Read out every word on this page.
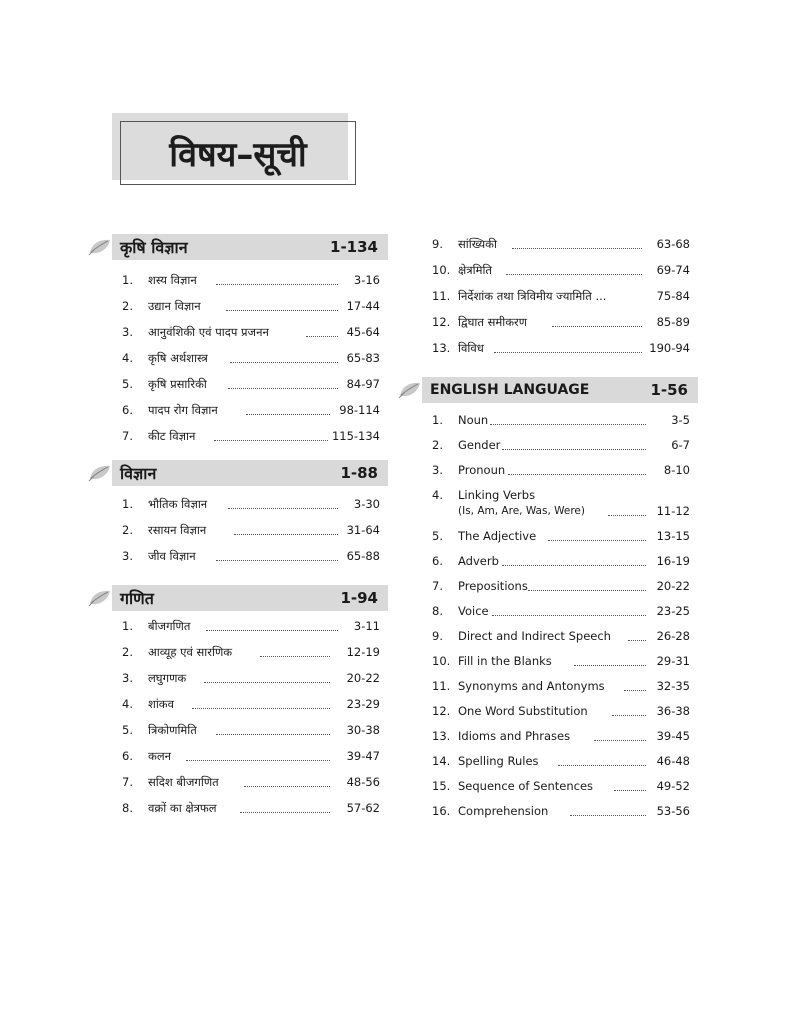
विषय–सूची
कृषि विज्ञान	1-134
1.	शस्य विज्ञान	3-16
2.	उद्यान विज्ञान	17-44
3.	आनुवंशिकी एवं पादप प्रजनन	45-64
4.	कृषि अर्थशास्त्र	65-83
5.	कृषि प्रसारिकी	84-97
6.	पादप रोग विज्ञान	98-114
7.	कीट विज्ञान	115-134
विज्ञान	1-88
1.	भौतिक विज्ञान	3-30
2.	रसायन विज्ञान	31-64
3.	जीव विज्ञान	65-88
गणित	1-94
1.	बीजगणित	3-11
2.	आव्यूह एवं सारणिक	12-19
3.	लघुगणक	20-22
4.	शांकव	23-29
5.	त्रिकोणमिति	30-38
6.	कलन	39-47
7.	सदिश बीजगणित	48-56
8.	वक्रों का क्षेत्रफल	57-62
9.	सांख्यिकी	63-68
10. क्षेत्रमिति	69-74
11. निर्देशांक तथा त्रिविमीय ज्यामिति ...	75-84
12. द्विघात समीकरण	85-89
13. विविध	190-94
ENGLISH LANGUAGE	1-56
1.	Noun	3-5
2.	Gender	6-7
3.	Pronoun	8-10
4.	Linking Verbs
(Is, Am, Are, Was, Were)	11-12
5.	The Adjective	13-15
6.	Adverb	16-19
7.	Prepositions	20-22
8.	Voice	23-25
9.	Direct and Indirect Speech	26-28
10. Fill in the Blanks	29-31
11. Synonyms and Antonyms	32-35
12. One Word Substitution	36-38
13. Idioms and Phrases	39-45
14. Spelling Rules	46-48
15. Sequence of Sentences	49-52
16. Comprehension	53-56
